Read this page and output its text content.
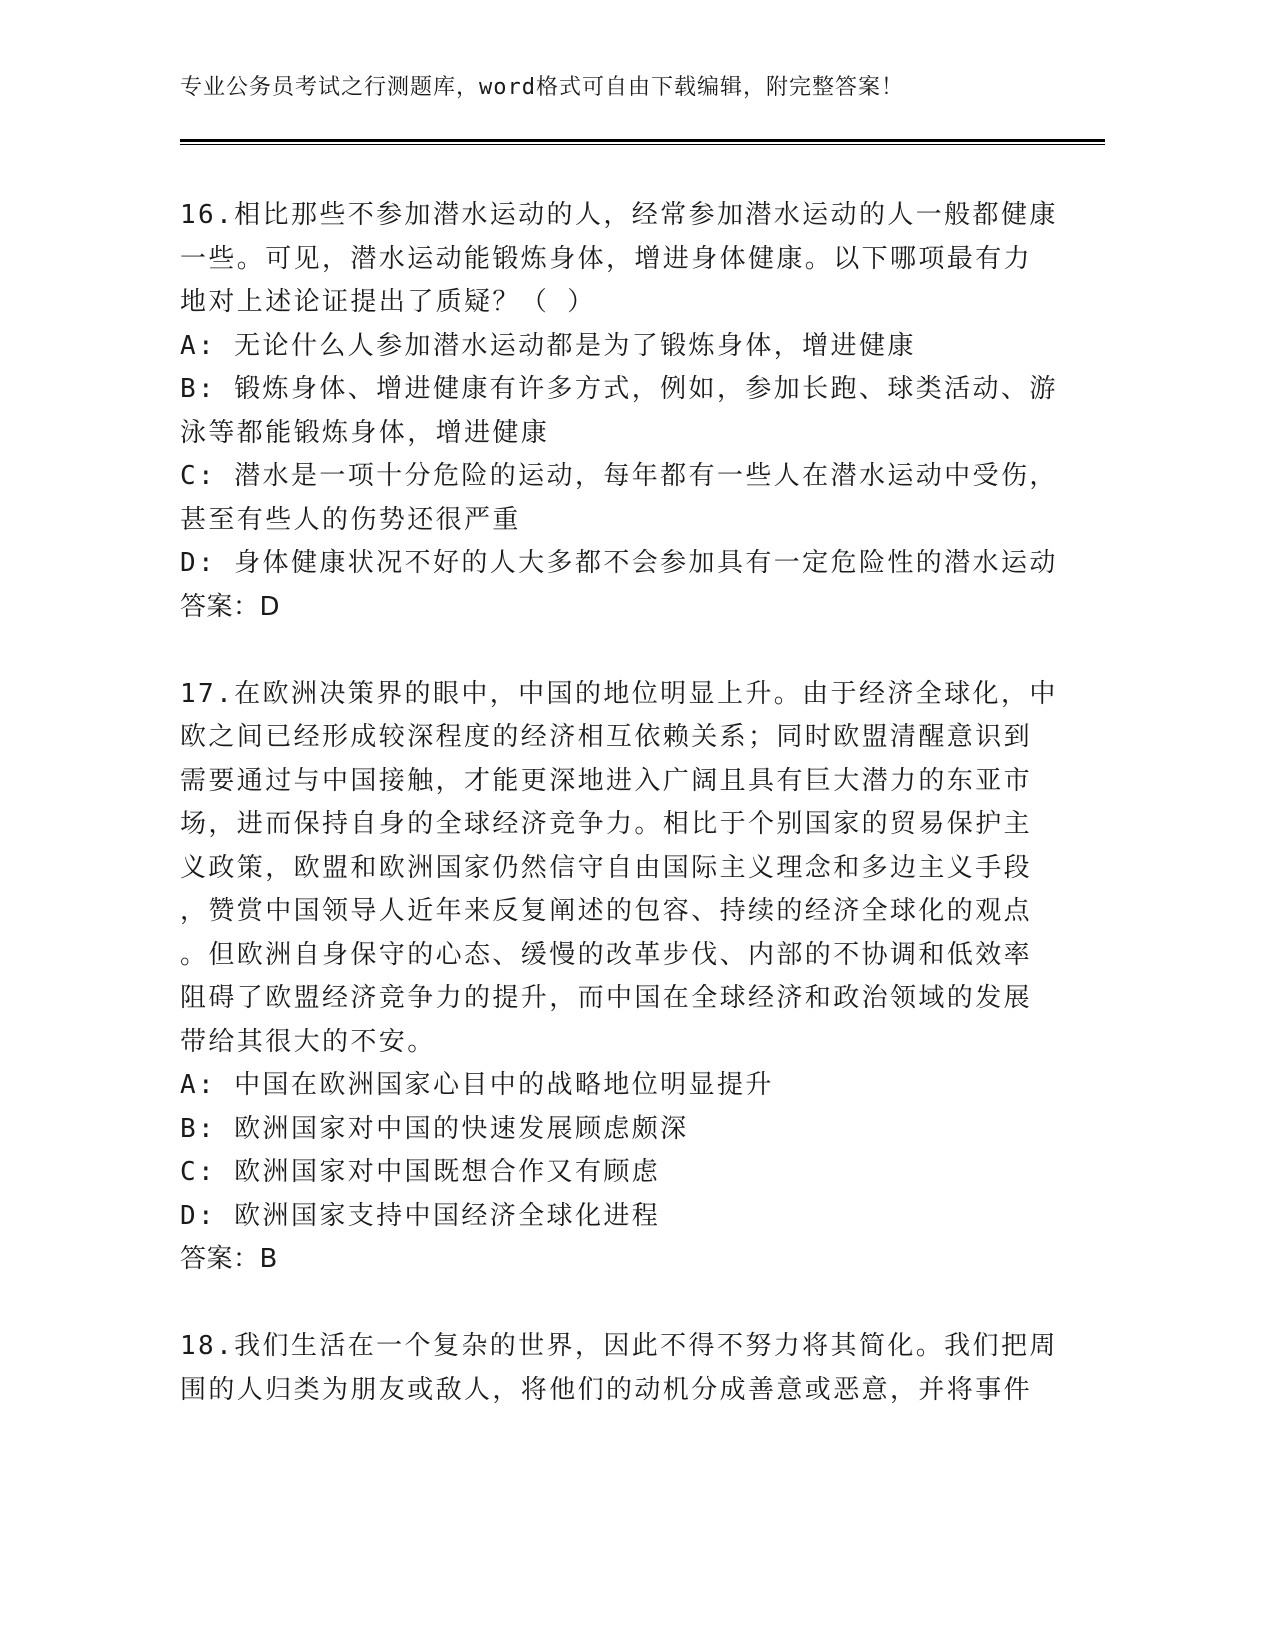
专业公务员考试之行测题库，word格式可自由下载编辑，附完整答案！
16.相比那些不参加潜水运动的人，经常参加潜水运动的人一般都健康
一些。可见，潜水运动能锻炼身体，增进身体健康。以下哪项最有力
地对上述论证提出了质疑？（ ）
A: 无论什么人参加潜水运动都是为了锻炼身体，增进健康
B: 锻炼身体、增进健康有许多方式，例如，参加长跑、球类活动、游
泳等都能锻炼身体，增进健康
C: 潜水是一项十分危险的运动，每年都有一些人在潜水运动中受伤，
甚至有些人的伤势还很严重
D: 身体健康状况不好的人大多都不会参加具有一定危险性的潜水运动
答案：D
17.在欧洲决策界的眼中，中国的地位明显上升。由于经济全球化，中
欧之间已经形成较深程度的经济相互依赖关系；同时欧盟清醒意识到
需要通过与中国接触，才能更深地进入广阔且具有巨大潜力的东亚市
场，进而保持自身的全球经济竞争力。相比于个别国家的贸易保护主
义政策，欧盟和欧洲国家仍然信守自由国际主义理念和多边主义手段
，赞赏中国领导人近年来反复阐述的包容、持续的经济全球化的观点
。但欧洲自身保守的心态、缓慢的改革步伐、内部的不协调和低效率
阻碍了欧盟经济竞争力的提升，而中国在全球经济和政治领域的发展
带给其很大的不安。
A: 中国在欧洲国家心目中的战略地位明显提升
B: 欧洲国家对中国的快速发展顾虑颇深
C: 欧洲国家对中国既想合作又有顾虑
D: 欧洲国家支持中国经济全球化进程
答案：B
18.我们生活在一个复杂的世界，因此不得不努力将其简化。我们把周
围的人归类为朋友或敌人，将他们的动机分成善意或恶意，并将事件
